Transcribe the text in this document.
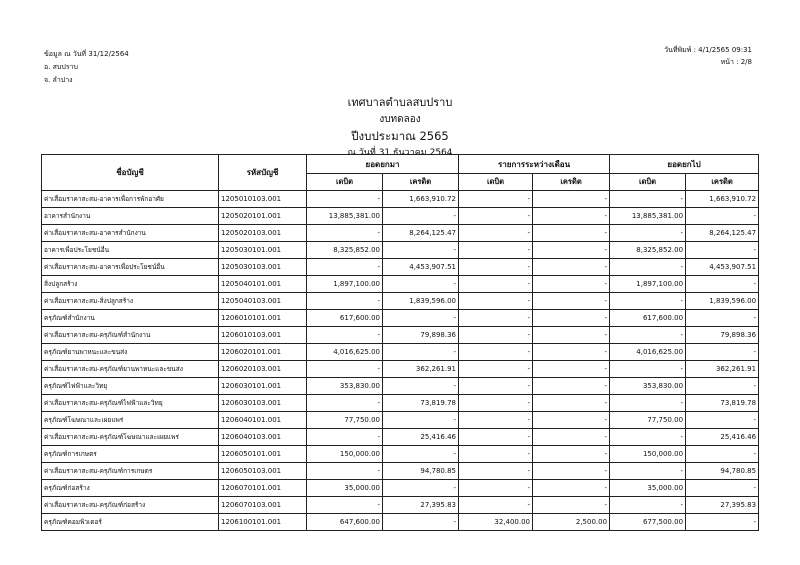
ข้อมูล ณ วันที่ 31/12/2564
อ. สบปราบ
จ. ลำปาง
วันที่พิมพ์ : 4/1/2565 09:31
หน้า : 2/8
เทศบาลตำบลสบปราบ
งบทดลอง
ปีงบประมาณ 2565
ณ วันที่ 31 ธันวาคม 2564
ชื่อบัญชี	รหัสบัญชี	ยอดยกมา		รายการระหว่างเดือน		ยอดยกไป	
		เดบิต	เครดิต	เดบิต	เครดิต	เดบิต	เครดิต
ค่าเสื่อมราคาสะสม-อาคารเพื่อการพักอาศัย	1205010103.001	-	1,663,910.72	-	-	-	1,663,910.72
อาคารสำนักงาน	1205020101.001	13,885,381.00	-	-	-	13,885,381.00	-
ค่าเสื่อมราคาสะสม-อาคารสำนักงาน	1205020103.001	-	8,264,125.47	-	-	-	8,264,125.47
อาคารเพื่อประโยชน์อื่น	1205030101.001	8,325,852.00	-	-	-	8,325,852.00	-
ค่าเสื่อมราคาสะสม-อาคารเพื่อประโยชน์อื่น	1205030103.001	-	4,453,907.51	-	-	-	4,453,907.51
สิ่งปลูกสร้าง	1205040101.001	1,897,100.00	-	-	-	1,897,100.00	-
ค่าเสื่อมราคาสะสม-สิ่งปลูกสร้าง	1205040103.001	-	1,839,596.00	-	-	-	1,839,596.00
ครุภัณฑ์สำนักงาน	1206010101.001	617,600.00	-	-	-	617,600.00	-
ค่าเสื่อมราคาสะสม-ครุภัณฑ์สำนักงาน	1206010103.001	-	79,898.36	-	-	-	79,898.36
ครุภัณฑ์ยานพาหนะและขนส่ง	1206020101.001	4,016,625.00	-	-	-	4,016,625.00	-
ค่าเสื่อมราคาสะสม-ครุภัณฑ์ยานพาหนะและขนส่ง	1206020103.001	-	362,261.91	-	-	-	362,261.91
ครุภัณฑ์ไฟฟ้าและวิทยุ	1206030101.001	353,830.00	-	-	-	353,830.00	-
ค่าเสื่อมราคาสะสม-ครุภัณฑ์ไฟฟ้าและวิทยุ	1206030103.001	-	73,819.78	-	-	-	73,819.78
ครุภัณฑ์โฆษณาและเผยแพร่	1206040101.001	77,750.00	-	-	-	77,750.00	-
ค่าเสื่อมราคาสะสม-ครุภัณฑ์โฆษณาและเผยแพร่	1206040103.001	-	25,416.46	-	-	-	25,416.46
ครุภัณฑ์การเกษตร	1206050101.001	150,000.00	-	-	-	150,000.00	-
ค่าเสื่อมราคาสะสม-ครุภัณฑ์การเกษตร	1206050103.001	-	94,780.85	-	-	-	94,780.85
ครุภัณฑ์ก่อสร้าง	1206070101.001	35,000.00	-	-	-	35,000.00	-
ค่าเสื่อมราคาสะสม-ครุภัณฑ์ก่อสร้าง	1206070103.001	-	27,395.83	-	-	-	27,395.83
ครุภัณฑ์คอมพิวเตอร์	1206100101.001	647,600.00	-	32,400.00	2,500.00	677,500.00	-
